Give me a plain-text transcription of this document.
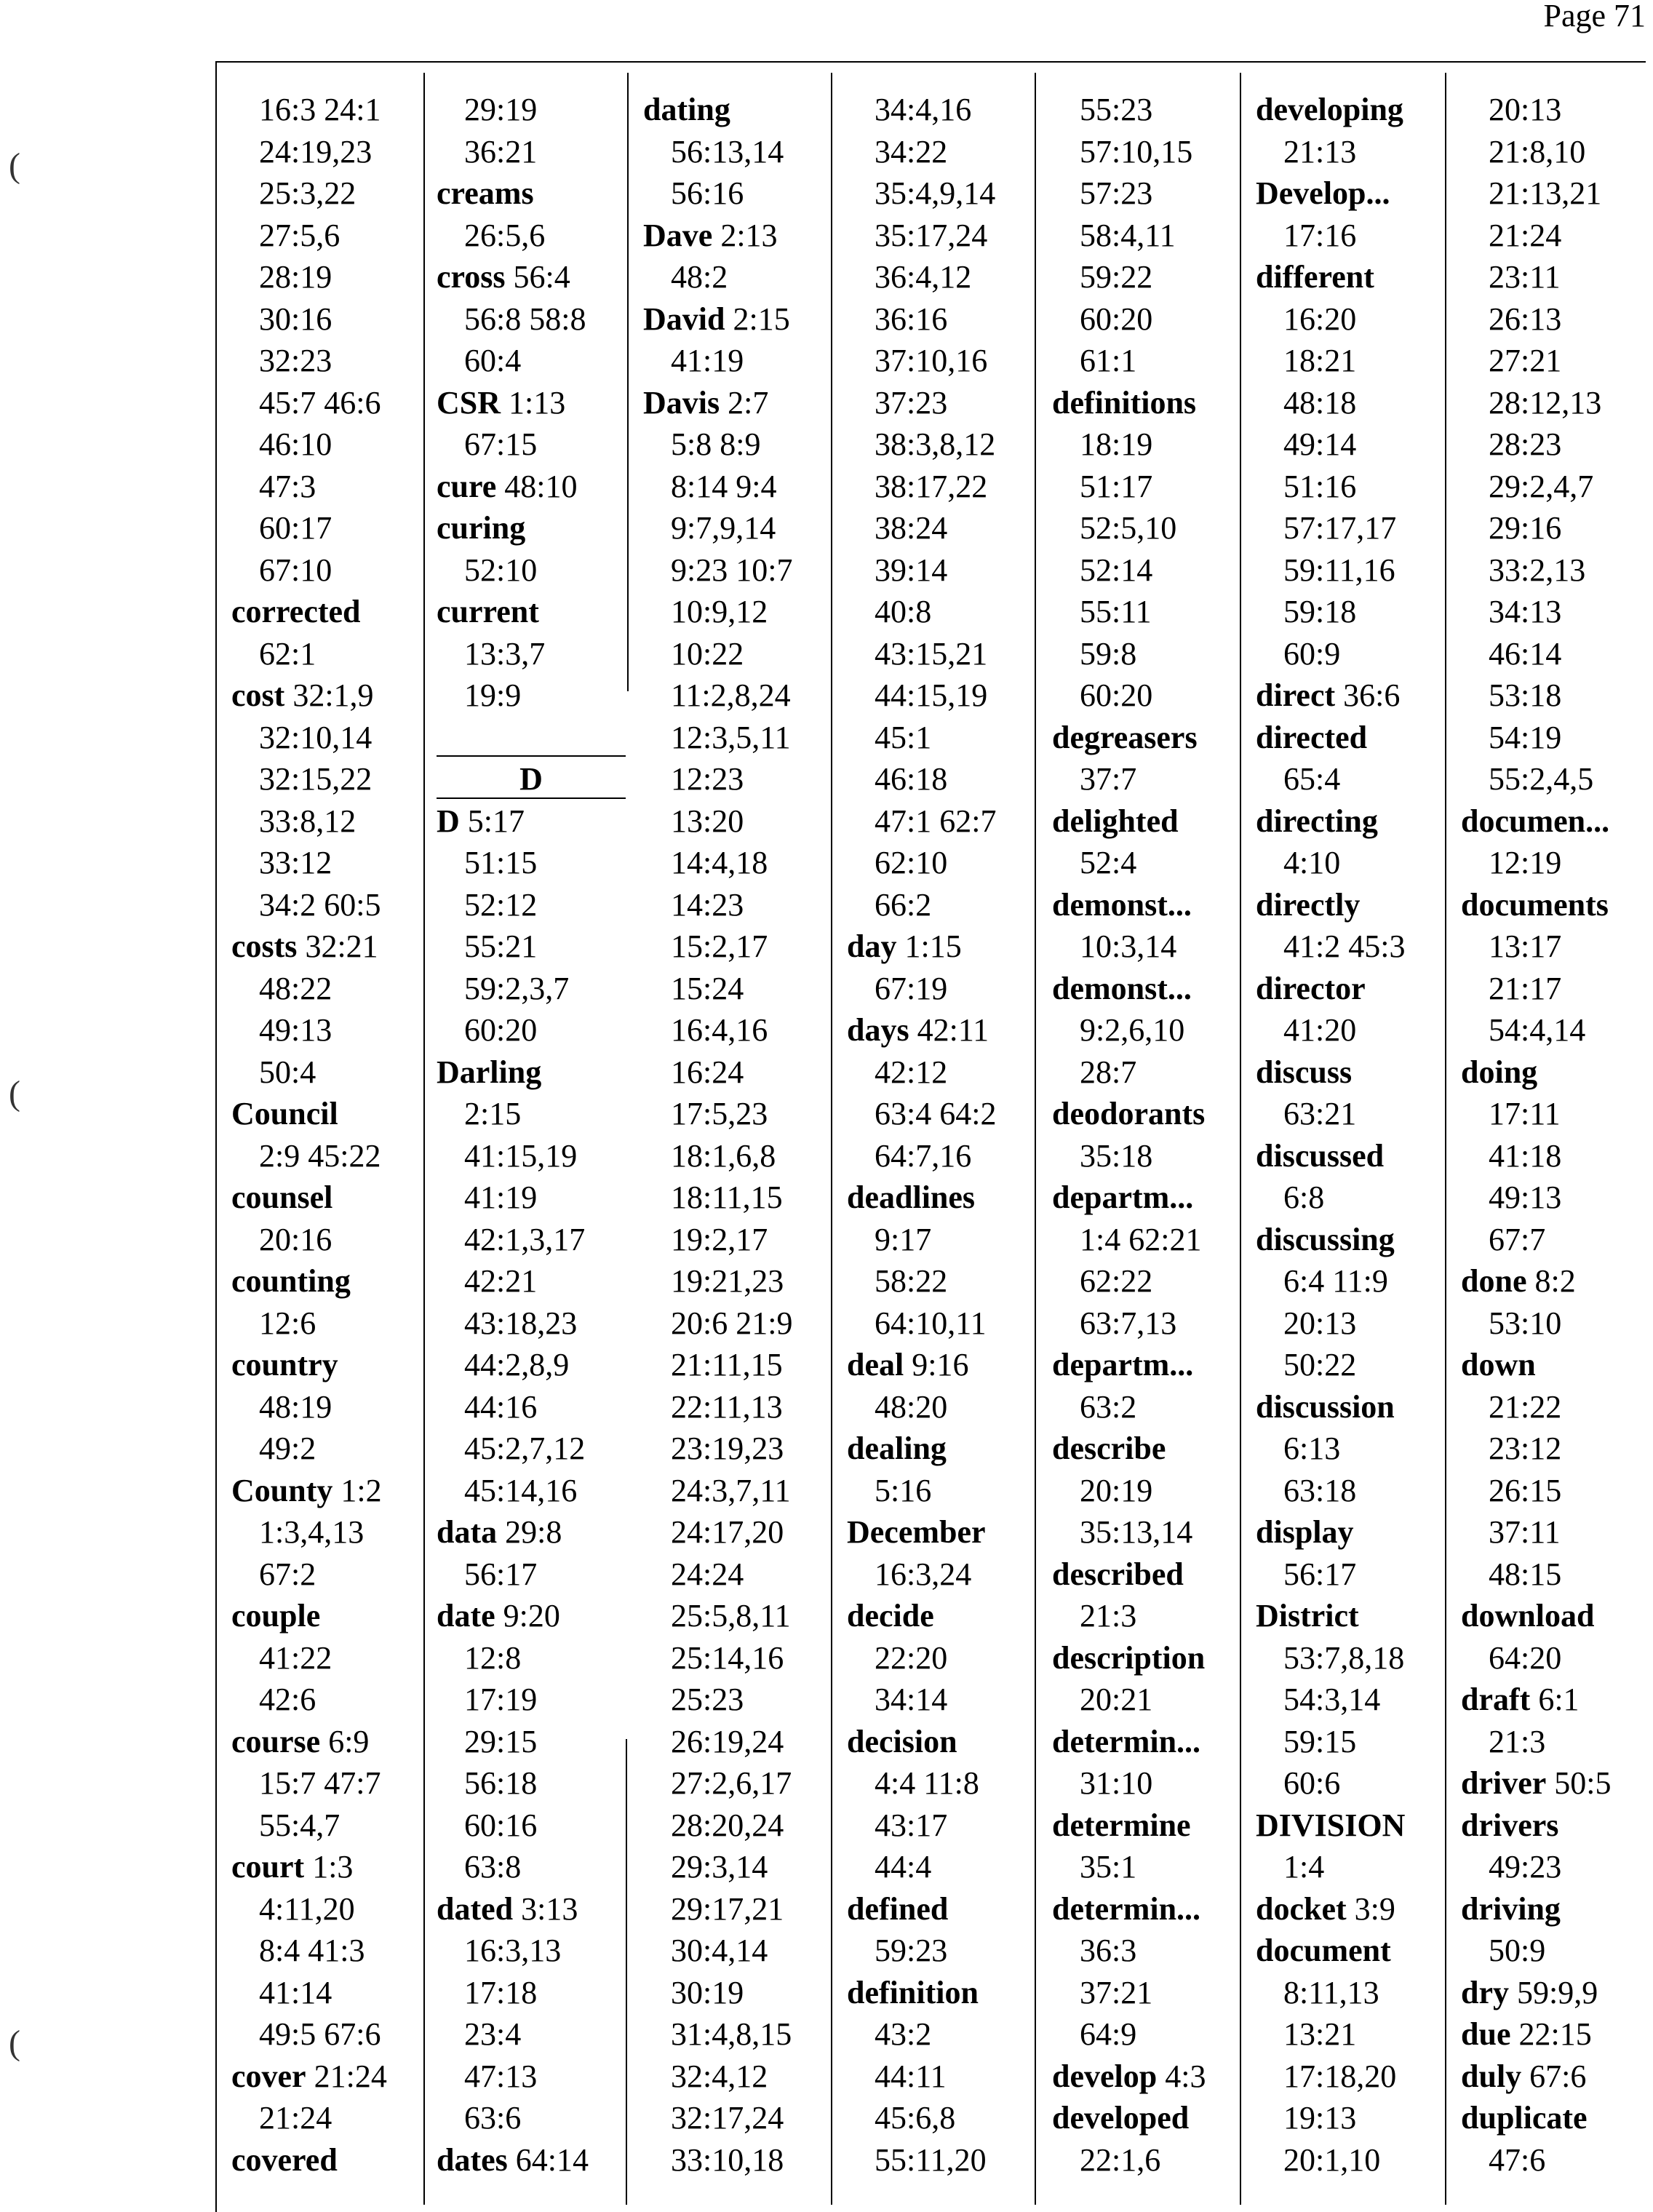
Page 71
(
(
(
16:3 24:1
24:19,23
25:3,22
27:5,6
28:19
30:16
32:23
45:7 46:6
46:10
47:3
60:17
67:10
corrected
62:1
cost 32:1,9
32:10,14
32:15,22
33:8,12
33:12
34:2 60:5
costs 32:21
48:22
49:13
50:4
Council
2:9 45:22
counsel
20:16
counting
12:6
country
48:19
49:2
County 1:2
1:3,4,13
67:2
couple
41:22
42:6
course 6:9
15:7 47:7
55:4,7
court 1:3
4:11,20
8:4 41:3
41:14
49:5 67:6
cover 21:24
21:24
covered
29:19
36:21
creams
26:5,6
cross 56:4
56:8 58:8
60:4
CSR 1:13
67:15
cure 48:10
curing
52:10
current
13:3,7
19:9
D
D 5:17
51:15
52:12
55:21
59:2,3,7
60:20
Darling
2:15
41:15,19
41:19
42:1,3,17
42:21
43:18,23
44:2,8,9
44:16
45:2,7,12
45:14,16
data 29:8
56:17
date 9:20
12:8
17:19
29:15
56:18
60:16
63:8
dated 3:13
16:3,13
17:18
23:4
47:13
63:6
dates 64:14
dating
56:13,14
56:16
Dave 2:13
48:2
David 2:15
41:19
Davis 2:7
5:8 8:9
8:14 9:4
9:7,9,14
9:23 10:7
10:9,12
10:22
11:2,8,24
12:3,5,11
12:23
13:20
14:4,18
14:23
15:2,17
15:24
16:4,16
16:24
17:5,23
18:1,6,8
18:11,15
19:2,17
19:21,23
20:6 21:9
21:11,15
22:11,13
23:19,23
24:3,7,11
24:17,20
24:24
25:5,8,11
25:14,16
25:23
26:19,24
27:2,6,17
28:20,24
29:3,14
29:17,21
30:4,14
30:19
31:4,8,15
32:4,12
32:17,24
33:10,18
34:4,16
34:22
35:4,9,14
35:17,24
36:4,12
36:16
37:10,16
37:23
38:3,8,12
38:17,22
38:24
39:14
40:8
43:15,21
44:15,19
45:1
46:18
47:1 62:7
62:10
66:2
day 1:15
67:19
days 42:11
42:12
63:4 64:2
64:7,16
deadlines
9:17
58:22
64:10,11
deal 9:16
48:20
dealing
5:16
December
16:3,24
decide
22:20
34:14
decision
4:4 11:8
43:17
44:4
defined
59:23
definition
43:2
44:11
45:6,8
55:11,20
55:23
57:10,15
57:23
58:4,11
59:22
60:20
61:1
definitions
18:19
51:17
52:5,10
52:14
55:11
59:8
60:20
degreasers
37:7
delighted
52:4
demonst...
10:3,14
demonst...
9:2,6,10
28:7
deodorants
35:18
departm...
1:4 62:21
62:22
63:7,13
departm...
63:2
describe
20:19
35:13,14
described
21:3
description
20:21
determin...
31:10
determine
35:1
determin...
36:3
37:21
64:9
develop 4:3
developed
22:1,6
developing
21:13
Develop...
17:16
different
16:20
18:21
48:18
49:14
51:16
57:17,17
59:11,16
59:18
60:9
direct 36:6
directed
65:4
directing
4:10
directly
41:2 45:3
director
41:20
discuss
63:21
discussed
6:8
discussing
6:4 11:9
20:13
50:22
discussion
6:13
63:18
display
56:17
District
53:7,8,18
54:3,14
59:15
60:6
DIVISION
1:4
docket 3:9
document
8:11,13
13:21
17:18,20
19:13
20:1,10
20:13
21:8,10
21:13,21
21:24
23:11
26:13
27:21
28:12,13
28:23
29:2,4,7
29:16
33:2,13
34:13
46:14
53:18
54:19
55:2,4,5
documen...
12:19
documents
13:17
21:17
54:4,14
doing
17:11
41:18
49:13
67:7
done 8:2
53:10
down
21:22
23:12
26:15
37:11
48:15
download
64:20
draft 6:1
21:3
driver 50:5
drivers
49:23
driving
50:9
dry 59:9,9
due 22:15
duly 67:6
duplicate
47:6
